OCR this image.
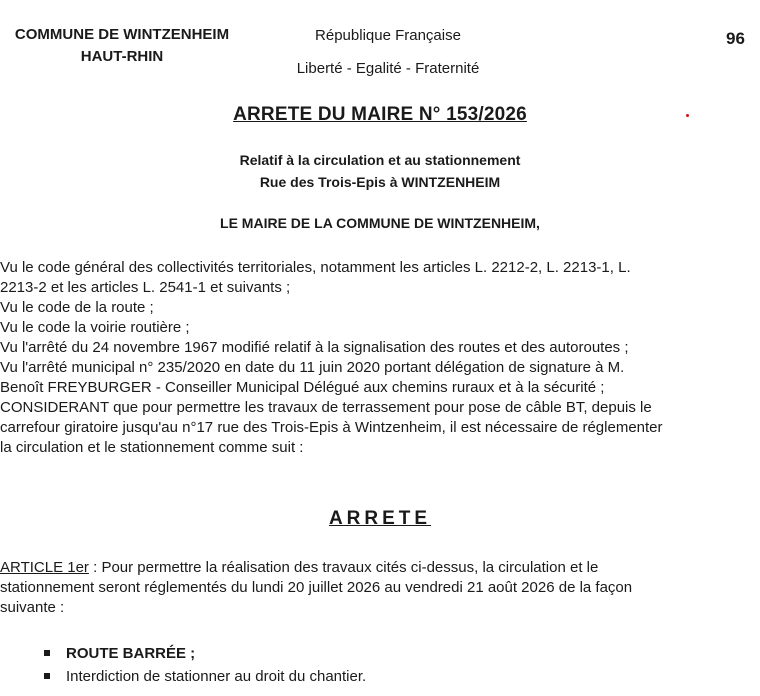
COMMUNE DE WINTZENHEIM
HAUT-RHIN
République Française
Liberté - Egalité - Fraternité
96
ARRETE DU MAIRE N° 153/2026
Relatif à la circulation et au stationnement
Rue des Trois-Epis à WINTZENHEIM
LE MAIRE DE LA COMMUNE DE WINTZENHEIM,
Vu le code général des collectivités territoriales, notamment les articles L. 2212-2, L. 2213-1, L.
2213-2 et les articles L. 2541-1 et suivants ;
Vu le code de la route ;
Vu le code la voirie routière ;
Vu l'arrêté du 24 novembre 1967 modifié relatif à la signalisation des routes et des autoroutes ;
Vu l'arrêté municipal n° 235/2020 en date du 11 juin 2020 portant délégation de signature à M.
Benoît FREYBURGER - Conseiller Municipal Délégué aux chemins ruraux et à la sécurité ;
CONSIDERANT que pour permettre les travaux de terrassement pour pose de câble BT, depuis le
carrefour giratoire jusqu'au n°17 rue des Trois-Epis à Wintzenheim, il est nécessaire de réglementer
la circulation et le stationnement comme suit :
ARRETE
ARTICLE 1er : Pour permettre la réalisation des travaux cités ci-dessus, la circulation et le
stationnement seront réglementés du lundi 20 juillet 2026 au vendredi 21 août 2026 de la façon
suivante :
ROUTE BARRÉE ;
Interdiction de stationner au droit du chantier.
